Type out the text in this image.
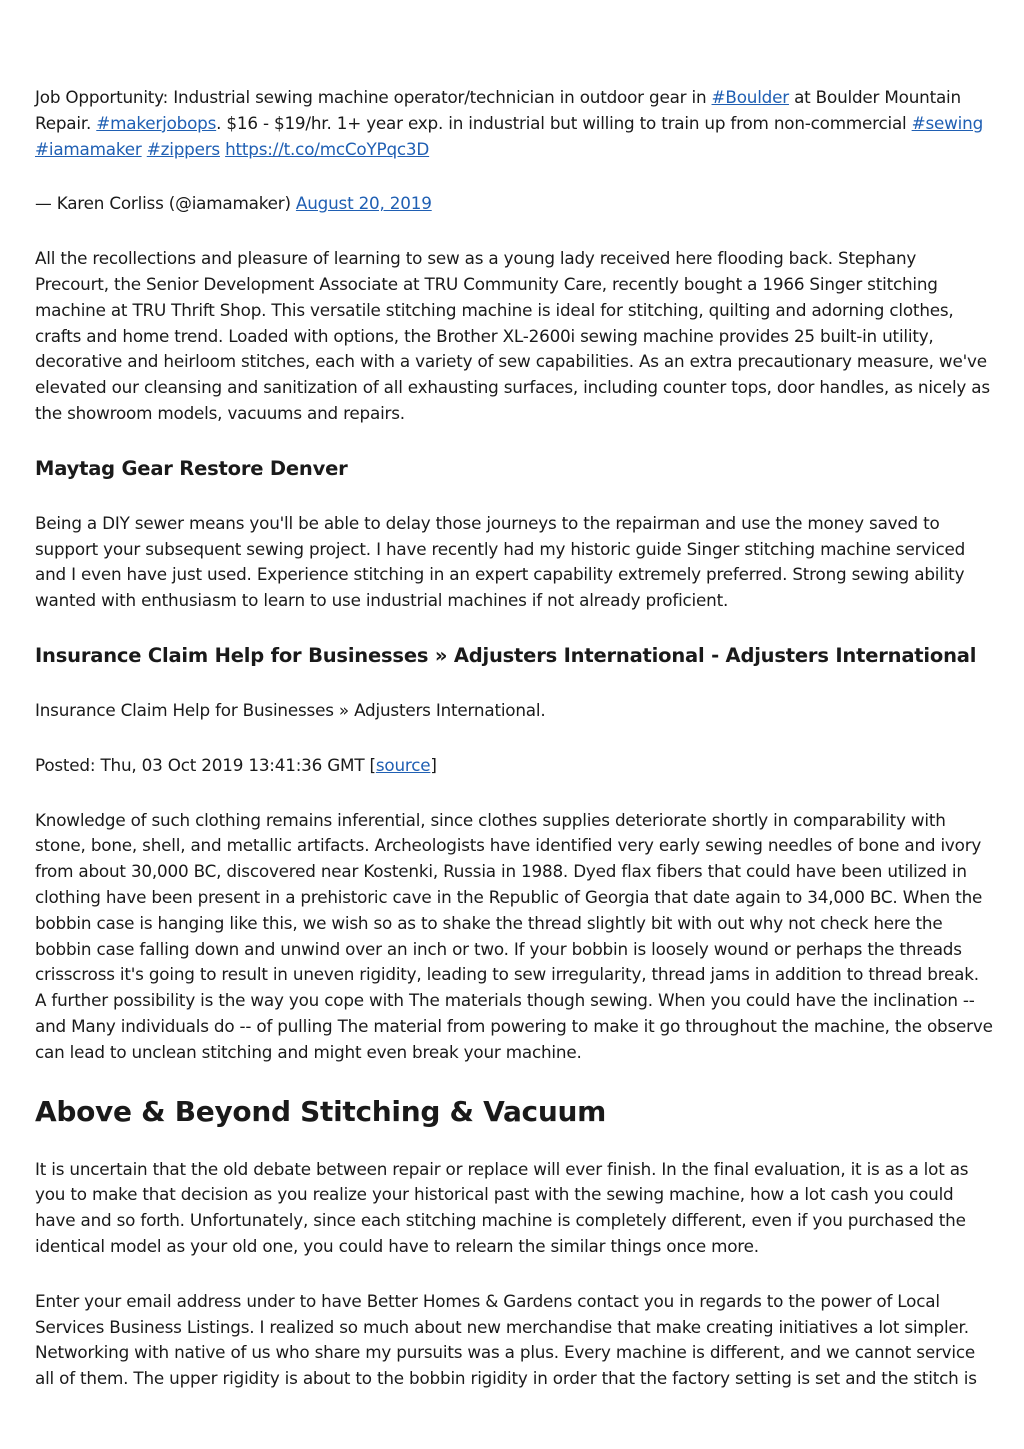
Job Opportunity: Industrial sewing machine operator/technician in outdoor gear in #Boulder at Boulder Mountain Repair. #makerjobops. $16 - $19/hr. 1+ year exp. in industrial but willing to train up from non-commercial #sewing #iamamaker #zippers https://t.co/mcCoYPqc3D

— Karen Corliss (@iamamaker) August 20, 2019

All the recollections and pleasure of learning to sew as a young lady received here flooding back. Stephany Precourt, the Senior Development Associate at TRU Community Care, recently bought a 1966 Singer stitching machine at TRU Thrift Shop. This versatile stitching machine is ideal for stitching, quilting and adorning clothes, crafts and home trend. Loaded with options, the Brother XL-2600i sewing machine provides 25 built-in utility, decorative and heirloom stitches, each with a variety of sew capabilities. As an extra precautionary measure, we've elevated our cleansing and sanitization of all exhausting surfaces, including counter tops, door handles, as nicely as the showroom models, vacuums and repairs.

Maytag Gear Restore Denver

Being a DIY sewer means you'll be able to delay those journeys to the repairman and use the money saved to support your subsequent sewing project. I have recently had my historic guide Singer stitching machine serviced and I even have just used. Experience stitching in an expert capability extremely preferred. Strong sewing ability wanted with enthusiasm to learn to use industrial machines if not already proficient.

Insurance Claim Help for Businesses » Adjusters International - Adjusters International

Insurance Claim Help for Businesses » Adjusters International.

Posted: Thu, 03 Oct 2019 13:41:36 GMT [source]

Knowledge of such clothing remains inferential, since clothes supplies deteriorate shortly in comparability with stone, bone, shell, and metallic artifacts. Archeologists have identified very early sewing needles of bone and ivory from about 30,000 BC, discovered near Kostenki, Russia in 1988. Dyed flax fibers that could have been utilized in clothing have been present in a prehistoric cave in the Republic of Georgia that date again to 34,000 BC. When the bobbin case is hanging like this, we wish so as to shake the thread slightly bit with out why not check here the bobbin case falling down and unwind over an inch or two. If your bobbin is loosely wound or perhaps the threads crisscross it's going to result in uneven rigidity, leading to sew irregularity, thread jams in addition to thread break. A further possibility is the way you cope with The materials though sewing. When you could have the inclination -- and Many individuals do -- of pulling The material from powering to make it go throughout the machine, the observe can lead to unclean stitching and might even break your machine.

Above & Beyond Stitching & Vacuum

It is uncertain that the old debate between repair or replace will ever finish. In the final evaluation, it is as a lot as you to make that decision as you realize your historical past with the sewing machine, how a lot cash you could have and so forth. Unfortunately, since each stitching machine is completely different, even if you purchased the identical model as your old one, you could have to relearn the similar things once more.

Enter your email address under to have Better Homes & Gardens contact you in regards to the power of Local Services Business Listings. I realized so much about new merchandise that make creating initiatives a lot simpler. Networking with native of us who share my pursuits was a plus. Every machine is different, and we cannot service all of them. The upper rigidity is about to the bobbin rigidity in order that the factory setting is set and the stitch is
